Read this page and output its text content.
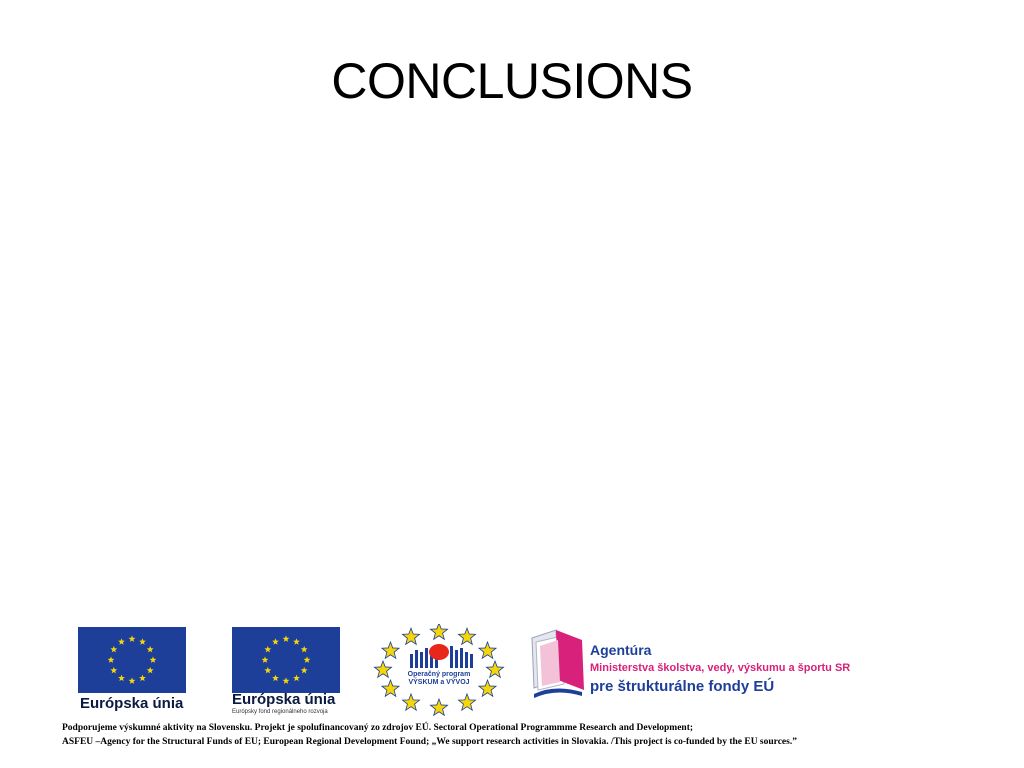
CONCLUSIONS
Európska únia	Európska únia
Európsky fond regionálneho rozvoja
Operačný program
VÝSKUM a VÝVOJ
Agentúra
Ministerstva školstva, vedy, výskumu a športu SR
pre štrukturálne fondy EÚ
Podporujeme výskumné aktivity na Slovensku. Projekt je spolufinancovaný zo zdrojov EÚ. Sectoral Operational Programmme Research and Development;
ASFEU –Agency for the Structural Funds of EU; European Regional Development Found; „We support research activities in Slovakia. /This project is co-funded by the EU sources.”
